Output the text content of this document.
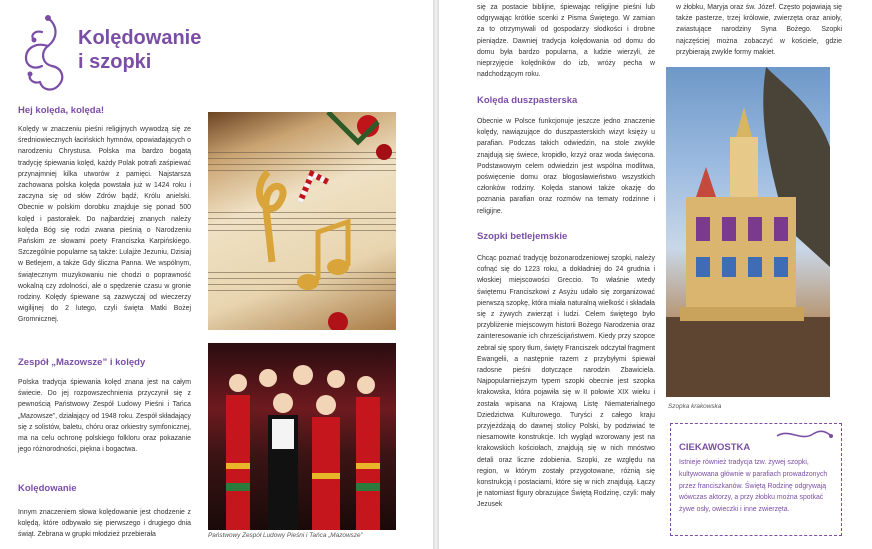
Kolędowanie
i szopki
Hej kolęda, kolęda!

Kolędy w znaczeniu pieśni religijnych wywodzą się ze średniowiecznych łacińskich hymnów, opowiadających o narodzeniu Chrystusa. Polska ma bardzo bogatą tradycję śpiewania kolęd, każdy Polak potrafi zaśpiewać przynajmniej kilka utworów z pamięci. Najstarsza zachowana polska kolęda powstała już w 1424 roku i zaczyna się od słów Zdrów bądź, Królu anielski. Obecnie w polskim dorobku znajduje się ponad 500 kolęd i pastorałek. Do najbardziej znanych należy kolęda Bóg się rodzi zwana pieśnią o Narodzeniu Pańskim ze słowami poety Franciszka Karpińskiego. Szczególnie popularne są także: Lulajże Jezuniu, Dzisiaj w Betlejem, a także Gdy śliczna Panna. We wspólnym, świątecznym muzykowaniu nie chodzi o poprawność wokalną czy zdolności, ale o spędzenie czasu w gronie rodziny. Kolędy śpiewane są zazwyczaj od wieczerzy wigilijnej do 2 lutego, czyli święta Matki Bożej Gromnicznej.

Zespół „Mazowsze” i kolędy

Polska tradycja śpiewania kolęd znana jest na całym świecie. Do jej rozpowszechnienia przyczynił się z pewnością Państwowy Zespół Ludowy Pieśni i Tańca „Mazowsze”, działający od 1948 roku. Zespół składający się z solistów, baletu, chóru oraz orkiestry symfonicznej, ma na celu ochronę polskiego folkloru oraz pokazanie jego różnorodności, piękna i bogactwa.

Kolędowanie

Innym znaczeniem słowa kolędowanie jest chodzenie z kolędą, które odbywało się pierwszego i drugiego dnia świąt. Zebrana w grupki młodzież przebierała	Państwowy Zespół Ludowy Pieśni i Tańca „Mazowsze”

się za postacie biblijne, śpiewając religijne pieśni lub odgrywając krótkie scenki z Pisma Świętego. W zamian za to otrzymywali od gospodarzy słodkości i drobne pieniądze. Dawniej tradycja kolędowania od domu do domu była bardzo popularna, a ludzie wierzyli, że nieprzyjęcie kolędników do izb, wróży pecha w nadchodzącym roku.

Kolęda duszpasterska

Obecnie w Polsce funkcjonuje jeszcze jedno znaczenie kolędy, nawiązujące do duszpasterskich wizyt księży u parafian. Podczas takich odwiedzin, na stole zwykle znajdują się świece, kropidło, krzyż oraz woda święcona. Podstawowym celem odwiedzin jest wspólna modlitwa, poświęcenie domu oraz błogosławieństwo wszystkich członków rodziny. Kolęda stanowi także okazję do poznania parafian oraz rozmów na tematy rodzinne i religijne.

Szopki betlejemskie

Chcąc poznać tradycję bożonarodzeniowej szopki, należy cofnąć się do 1223 roku, a dokładniej do 24 grudnia i włoskiej miejscowości Greccio. To właśnie wtedy świętemu Franciszkowi z Asyżu udało się zorganizować pierwszą szopkę, która miała naturalną wielkość i składała się z żywych zwierząt i ludzi. Celem świętego było przybliżenie miejscowym historii Bożego Narodzenia oraz zainteresowanie ich chrześcijaństwem. Kiedy przy szopce zebrał się spory tłum, święty Franciszek odczytał fragment Ewangelii, a następnie razem z przybyłymi śpiewał radosne pieśni dotyczące narodzin Zbawiciela. Najpopularniejszym typem szopki obecnie jest szopka krakowska, która pojawiła się w II połowie XIX wieku i została wpisana na Krajową Listę Niematerialnego Dziedzictwa Kulturowego. Turyści z całego kraju przyjeżdżają do dawnej stolicy Polski, by podziwiać te niesamowite konstrukcje. Ich wygląd wzorowany jest na krakowskich kościołach, znajdują się w nich mnóstwo detali oraz liczne zdobienia. Szopki, ze względu na region, w którym zostały przygotowane, różnią się konstrukcją i postaciami, które się w nich znajdują. Łączy je natomiast figury obrazujące Świętą Rodzinę, czyli: mały Jezusek

w żłobku, Maryja oraz św. Józef. Często pojawiają się także pasterze, trzej królowie, zwierzęta oraz anioły, zwiastujące narodziny Syna Bożego. Szopki najczęściej można zobaczyć w kościele, gdzie przybierają zwykle formy makiet.

Szopka krakowska

CIEKAWOSTKA

Istnieje również tradycja tzw. żywej szopki, kultywowana głównie w parafiach prowadzonych przez franciszkanów. Świętą Rodzinę odgrywają wówczas aktorzy, a przy żłobku można spotkać żywe osły, owieczki i inne zwierzęta.
